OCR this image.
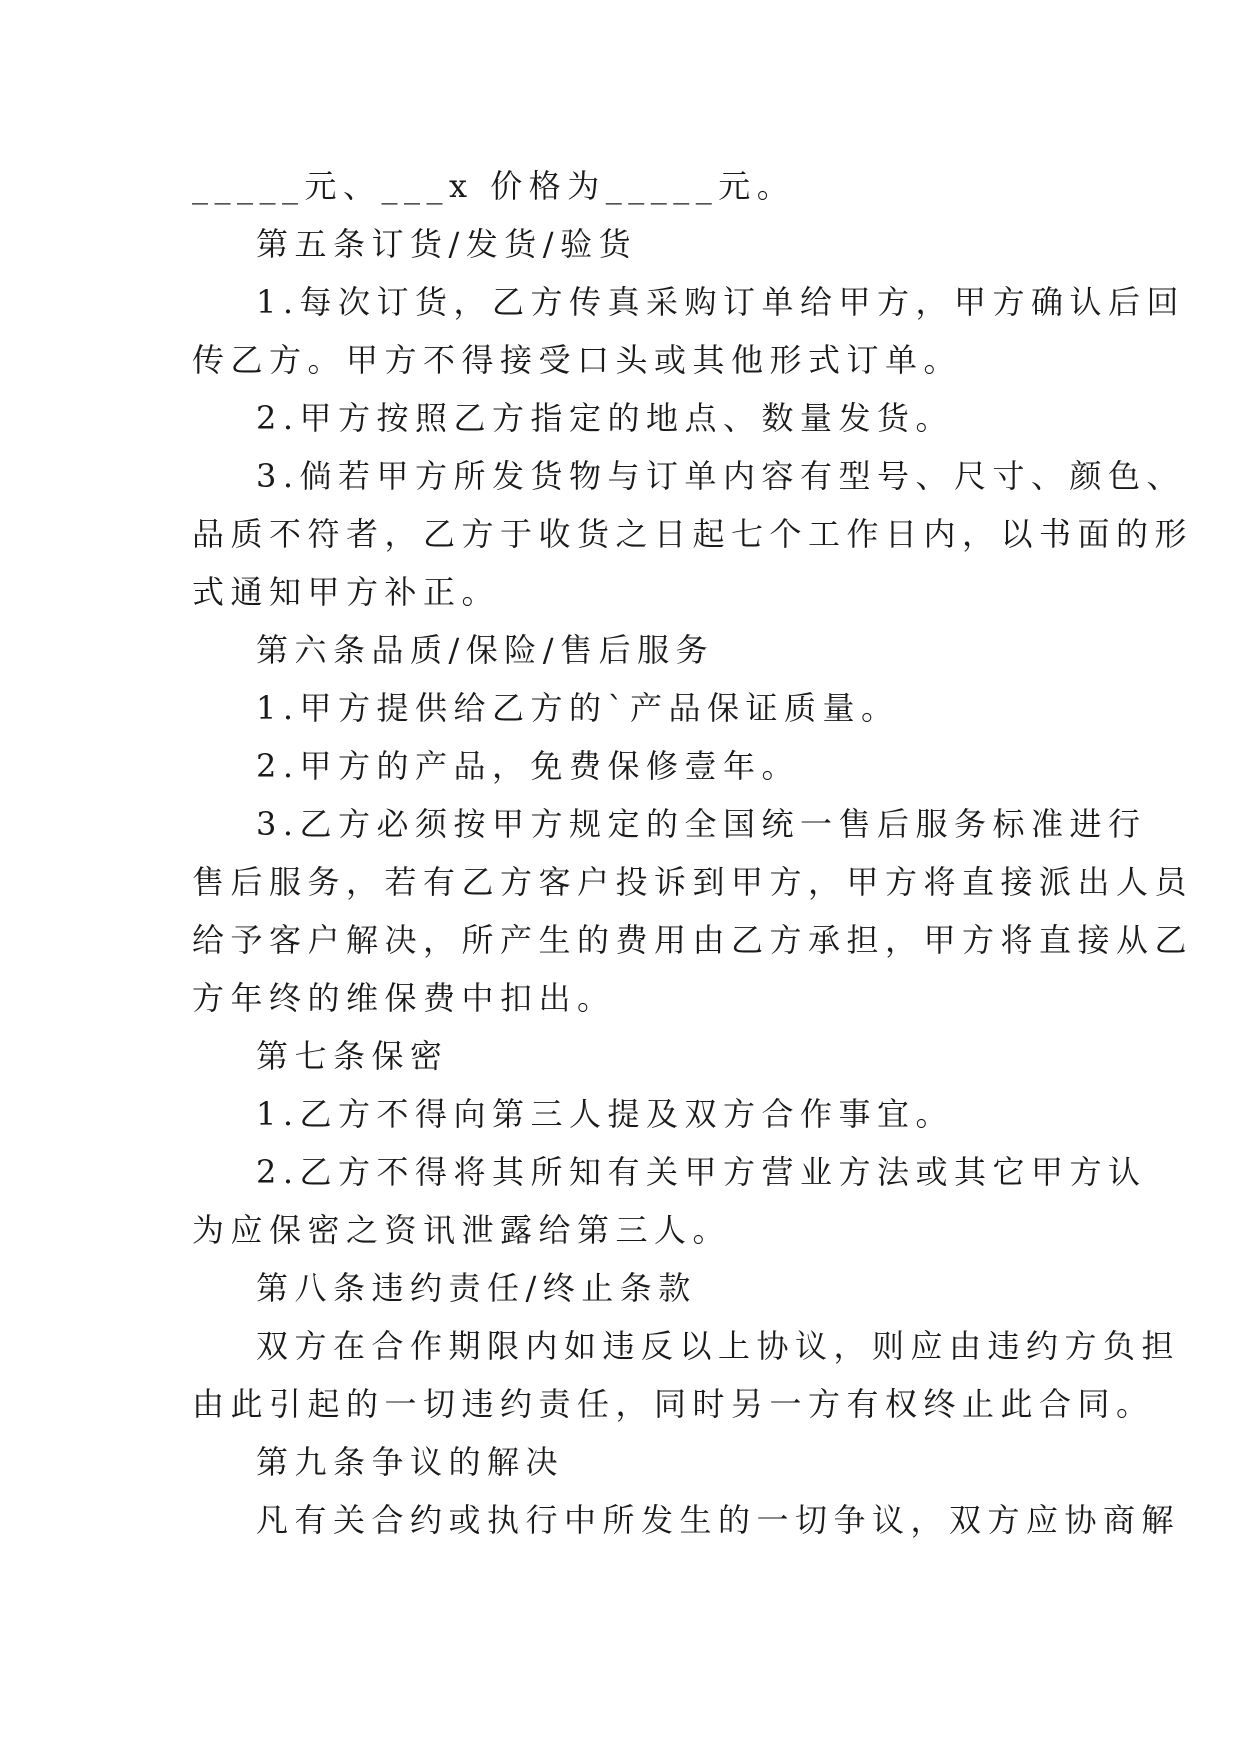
_____元、___x 价格为_____元。
第五条订货/发货/验货
1.每次订货，乙方传真采购订单给甲方，甲方确认后回
传乙方。甲方不得接受口头或其他形式订单。
2.甲方按照乙方指定的地点、数量发货。
3.倘若甲方所发货物与订单内容有型号、尺寸、颜色、
品质不符者，乙方于收货之日起七个工作日内，以书面的形
式通知甲方补正。
第六条品质/保险/售后服务
1.甲方提供给乙方的`产品保证质量。
2.甲方的产品，免费保修壹年。
3.乙方必须按甲方规定的全国统一售后服务标准进行
售后服务，若有乙方客户投诉到甲方，甲方将直接派出人员
给予客户解决，所产生的费用由乙方承担，甲方将直接从乙
方年终的维保费中扣出。
第七条保密
1.乙方不得向第三人提及双方合作事宜。
2.乙方不得将其所知有关甲方营业方法或其它甲方认
为应保密之资讯泄露给第三人。
第八条违约责任/终止条款
双方在合作期限内如违反以上协议，则应由违约方负担
由此引起的一切违约责任，同时另一方有权终止此合同。
第九条争议的解决
凡有关合约或执行中所发生的一切争议，双方应协商解
